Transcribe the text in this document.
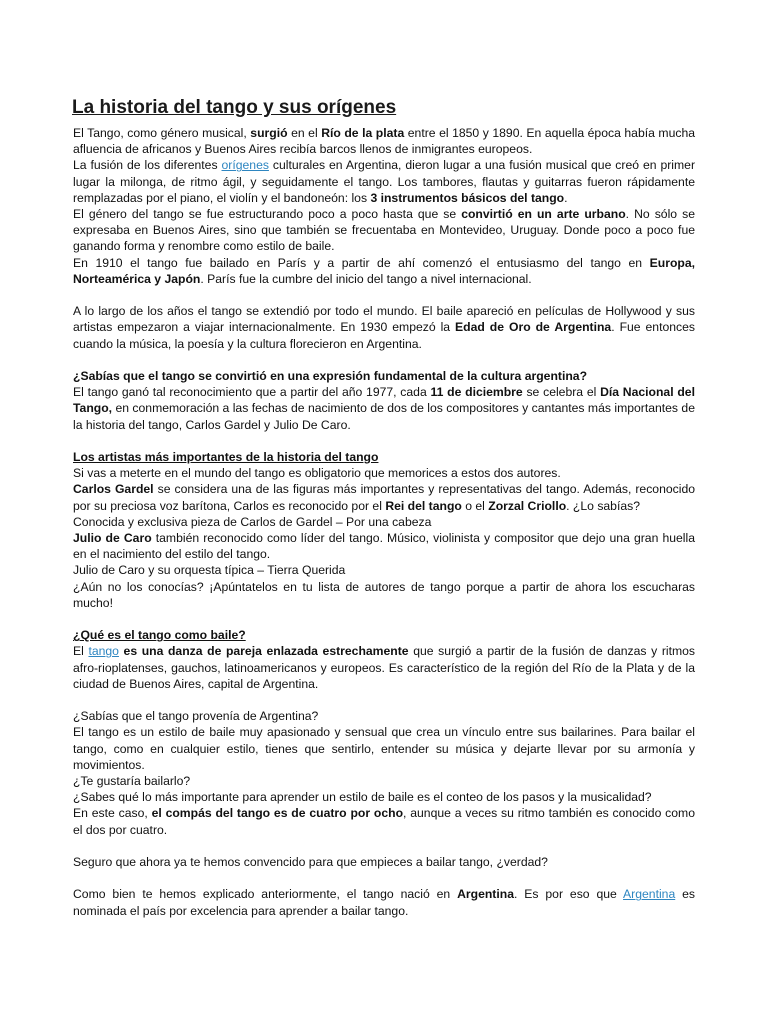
La historia del tango y sus orígenes

El Tango, como género musical, surgió en el Río de la plata entre el 1850 y 1890. En aquella época había mucha afluencia de africanos y Buenos Aires recibía barcos llenos de inmigrantes europeos.

La fusión de los diferentes orígenes culturales en Argentina, dieron lugar a una fusión musical que creó en primer lugar la milonga, de ritmo ágil, y seguidamente el tango. Los tambores, flautas y guitarras fueron rápidamente remplazadas por el piano, el violín y el bandoneón: los 3 instrumentos básicos del tango.

El género del tango se fue estructurando poco a poco hasta que se convirtió en un arte urbano. No sólo se expresaba en Buenos Aires, sino que también se frecuentaba en Montevideo, Uruguay. Donde poco a poco fue ganando forma y renombre como estilo de baile.

En 1910 el tango fue bailado en París y a partir de ahí comenzó el entusiasmo del tango en Europa, Norteamérica y Japón. París fue la cumbre del inicio del tango a nivel internacional.

A lo largo de los años el tango se extendió por todo el mundo. El baile apareció en películas de Hollywood y sus artistas empezaron a viajar internacionalmente. En 1930 empezó la Edad de Oro de Argentina. Fue entonces cuando la música, la poesía y la cultura florecieron en Argentina.

¿Sabías que el tango se convirtió en una expresión fundamental de la cultura argentina?

El tango ganó tal reconocimiento que a partir del año 1977, cada 11 de diciembre se celebra el Día Nacional del Tango, en conmemoración a las fechas de nacimiento de dos de los compositores y cantantes más importantes de la historia del tango, Carlos Gardel y Julio De Caro.

Los artistas más importantes de la historia del tango

Si vas a meterte en el mundo del tango es obligatorio que memorices a estos dos autores.

Carlos Gardel se considera una de las figuras más importantes y representativas del tango. Además, reconocido por su preciosa voz barítona, Carlos es reconocido por el Rei del tango o el Zorzal Criollo. ¿Lo sabías?

Conocida y exclusiva pieza de Carlos de Gardel – Por una cabeza

Julio de Caro también reconocido como líder del tango. Músico, violinista y compositor que dejo una gran huella en el nacimiento del estilo del tango.

Julio de Caro y su orquesta típica – Tierra Querida

¿Aún no los conocías? ¡Apúntatelos en tu lista de autores de tango porque a partir de ahora los escucharas mucho!

¿Qué es el tango como baile?

El tango es una danza de pareja enlazada estrechamente que surgió a partir de la fusión de danzas y ritmos afro-rioplatenses, gauchos, latinoamericanos y europeos. Es característico de la región del Río de la Plata y de la ciudad de Buenos Aires, capital de Argentina.

¿Sabías que el tango provenía de Argentina?

El tango es un estilo de baile muy apasionado y sensual que crea un vínculo entre sus bailarines. Para bailar el tango, como en cualquier estilo, tienes que sentirlo, entender su música y dejarte llevar por su armonía y movimientos.

¿Te gustaría bailarlo?

¿Sabes qué lo más importante para aprender un estilo de baile es el conteo de los pasos y la musicalidad?

En este caso, el compás del tango es de cuatro por ocho, aunque a veces su ritmo también es conocido como el dos por cuatro.

Seguro que ahora ya te hemos convencido para que empieces a bailar tango, ¿verdad?

Como bien te hemos explicado anteriormente, el tango nació en Argentina. Es por eso que Argentina es nominada el país por excelencia para aprender a bailar tango.
